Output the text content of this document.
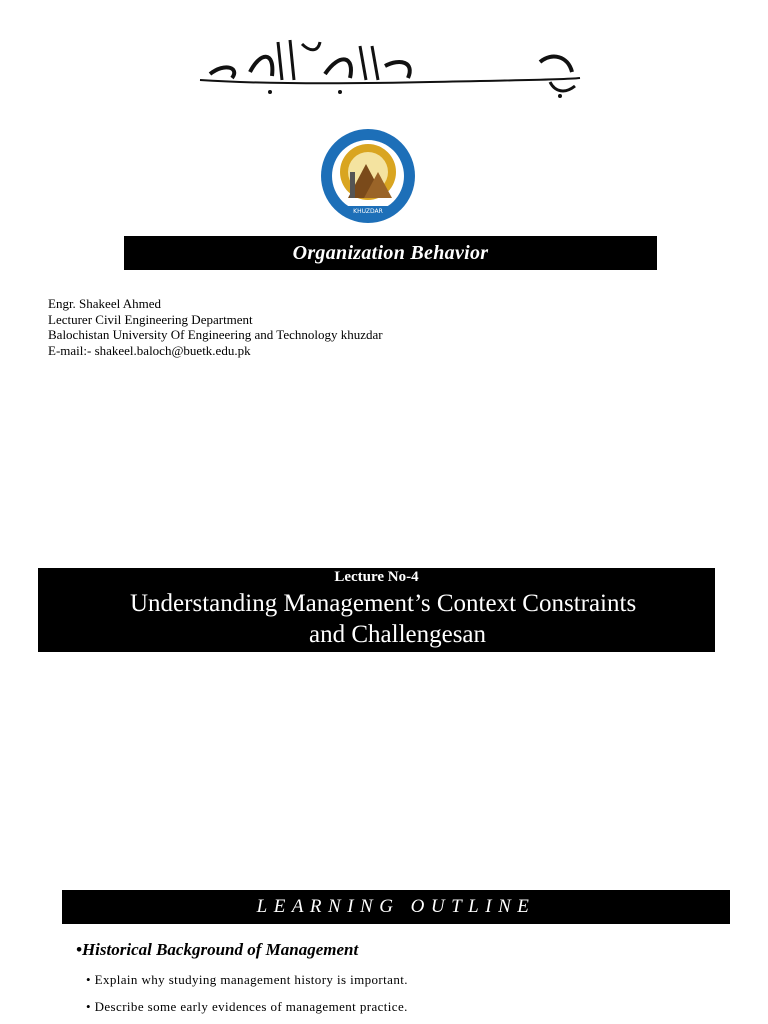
KHUZDAR
Organization Behavior
Engr. Shakeel Ahmed
Lecturer Civil Engineering Department
Balochistan University Of Engineering and Technology khuzdar
E-mail:- shakeel.baloch@buetk.edu.pk
Lecture No-4
Understanding Management’s Context Constraints
and Challengesan
LEARNING OUTLINE
•Historical Background of Management
• Explain why studying management history is important.
• Describe some early evidences of management practice.
